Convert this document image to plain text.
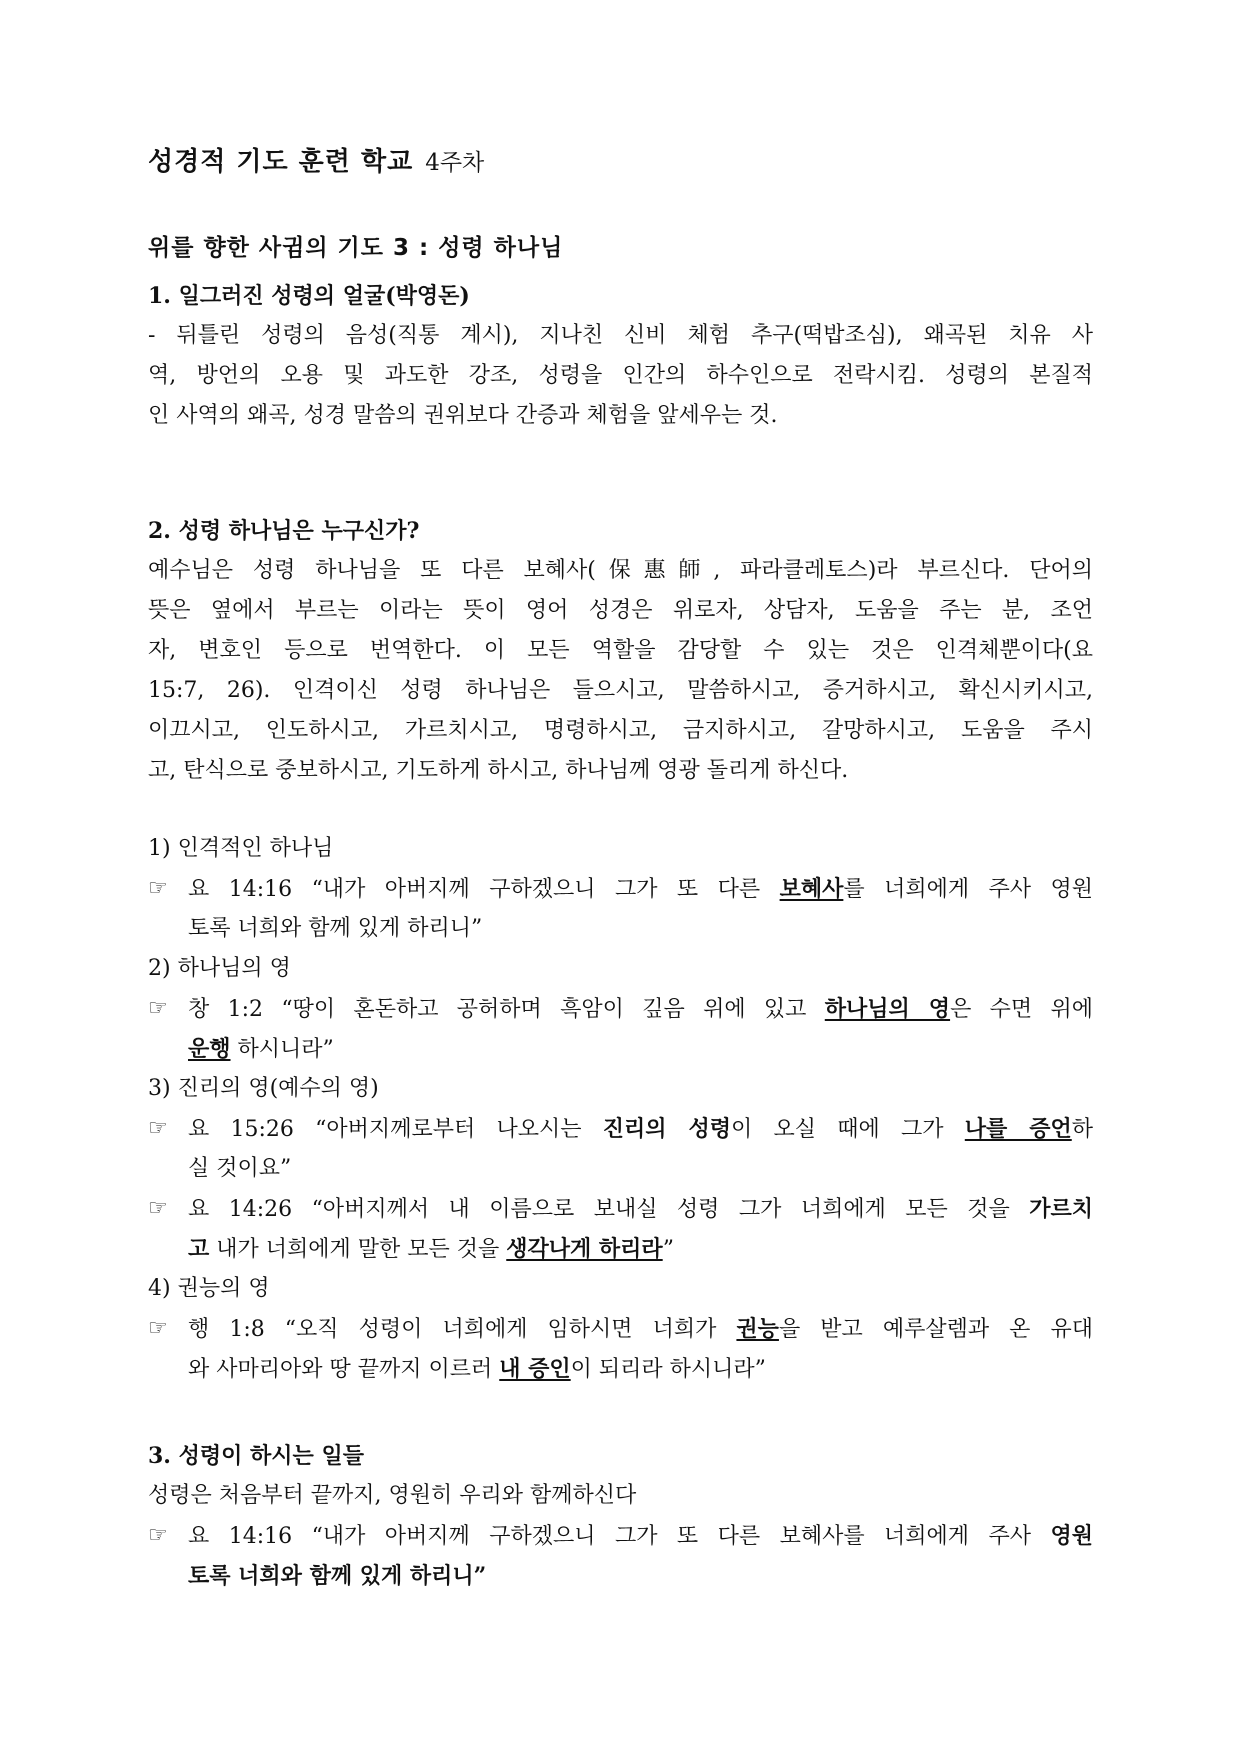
성경적 기도 훈련 학교 4주차
위를 향한 사귐의 기도 3 : 성령 하나님
1. 일그러진 성령의 얼굴(박영돈)
- 뒤틀린 성령의 음성(직통 계시), 지나친 신비 체험 추구(떡밥조심), 왜곡된 치유 사
역, 방언의 오용 및 과도한 강조, 성령을 인간의 하수인으로 전락시킴. 성령의 본질적
인 사역의 왜곡, 성경 말씀의 권위보다 간증과 체험을 앞세우는 것.
2. 성령 하나님은 누구신가?
예수님은 성령 하나님을 또 다른 보혜사(保惠師, 파라클레토스)라 부르신다. 단어의
뜻은 옆에서 부르는 이라는 뜻이 영어 성경은 위로자, 상담자, 도움을 주는 분, 조언
자, 변호인 등으로 번역한다. 이 모든 역할을 감당할 수 있는 것은 인격체뿐이다(요
15:7, 26). 인격이신 성령 하나님은 들으시고, 말씀하시고, 증거하시고, 확신시키시고,
이끄시고, 인도하시고, 가르치시고, 명령하시고, 금지하시고, 갈망하시고, 도움을 주시
고, 탄식으로 중보하시고, 기도하게 하시고, 하나님께 영광 돌리게 하신다.
1) 인격적인 하나님
☞ 요 14:16 “내가 아버지께 구하겠으니 그가 또 다른 보혜사를 너희에게 주사 영원
토록 너희와 함께 있게 하리니”
2) 하나님의 영
☞ 창 1:2 “땅이 혼돈하고 공허하며 흑암이 깊음 위에 있고 하나님의 영은 수면 위에
운행 하시니라”
3) 진리의 영(예수의 영)
☞ 요 15:26 “아버지께로부터 나오시는 진리의 성령이 오실 때에 그가 나를 증언하
실 것이요”
☞ 요 14:26 “아버지께서 내 이름으로 보내실 성령 그가 너희에게 모든 것을 가르치
고 내가 너희에게 말한 모든 것을 생각나게 하리라”
4) 권능의 영
☞ 행 1:8 “오직 성령이 너희에게 임하시면 너희가 권능을 받고 예루살렘과 온 유대
와 사마리아와 땅 끝까지 이르러 내 증인이 되리라 하시니라”
3. 성령이 하시는 일들
성령은 처음부터 끝까지, 영원히 우리와 함께하신다
☞ 요 14:16 “내가 아버지께 구하겠으니 그가 또 다른 보혜사를 너희에게 주사 영원
토록 너희와 함께 있게 하리니”
